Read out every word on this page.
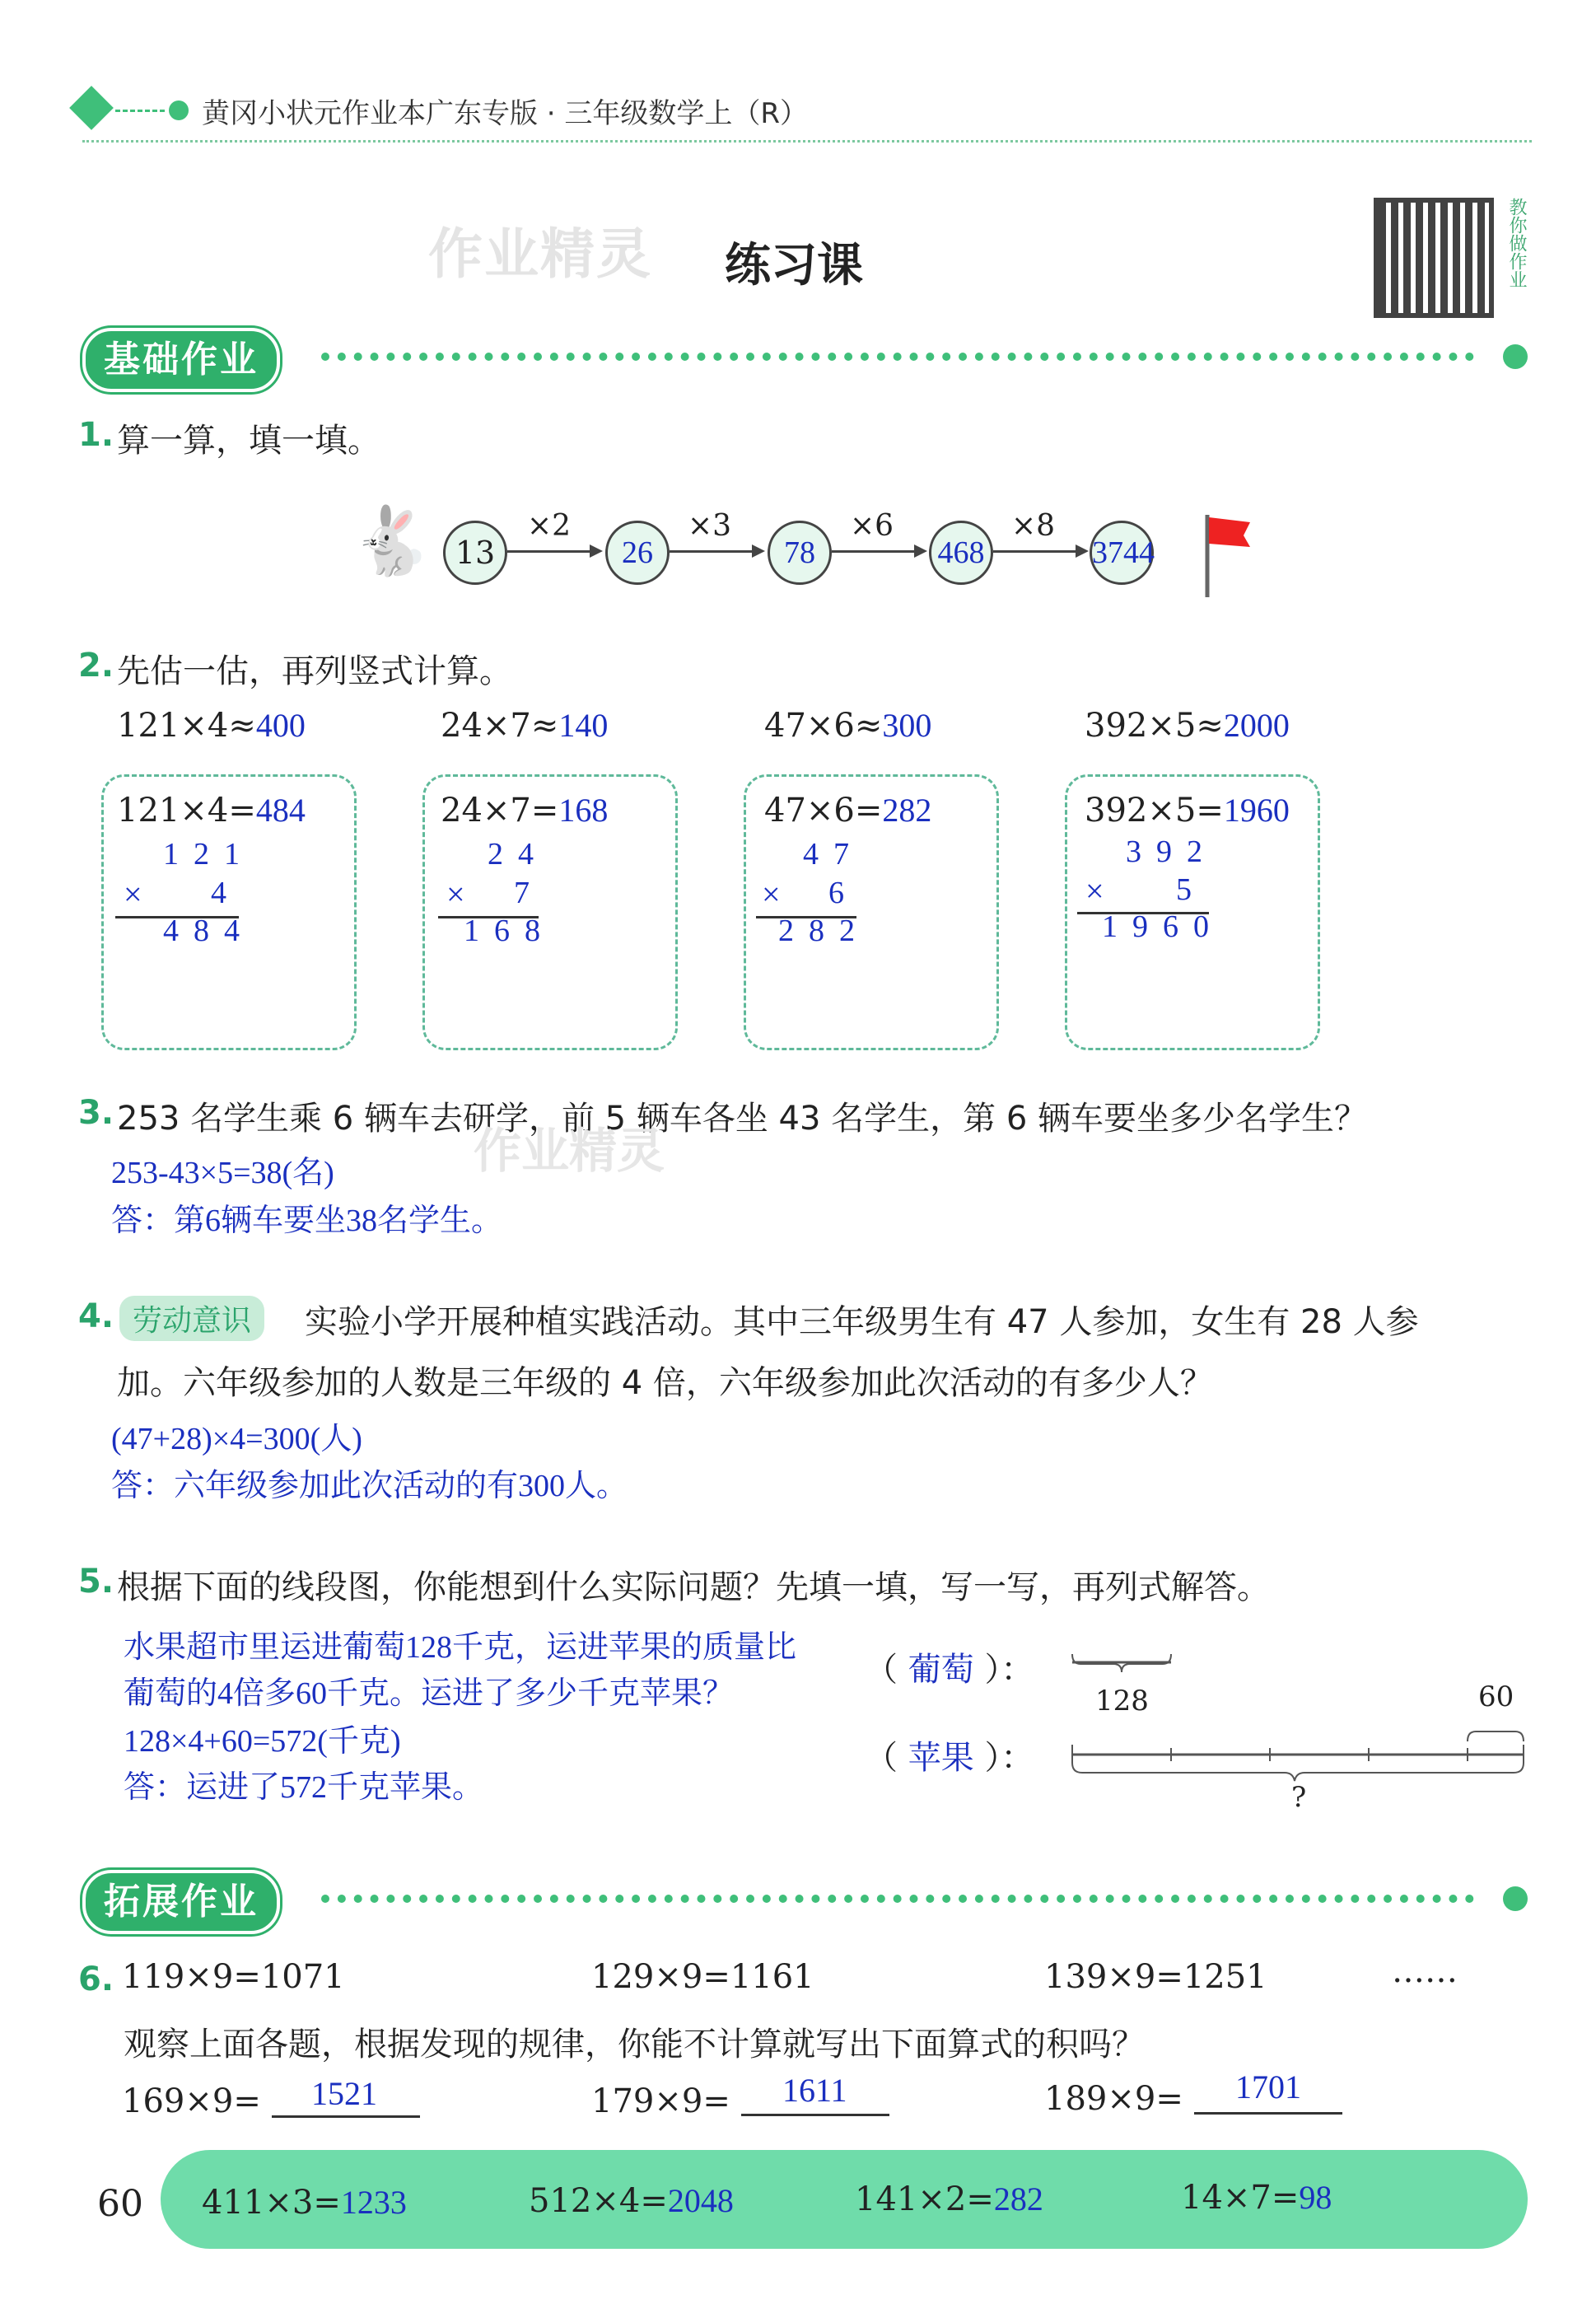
黄冈小状元作业本广东专版 · 三年级数学上（R）
作业精灵 练习课	教你做作业
基础作业
1. 算一算，填一填。
🐇 13	26	78	468	3744
×2	×3	×6	×8
2. 先估一估，再列竖式计算。
121×4≈400	24×7≈140	47×6≈300	392×5≈2000
121×4=484	24×7=168	47×6=282	392×5=1960
121
× 4
484
24
× 7
168
47
× 6
282
392
× 5
1960
3. 253 名学生乘 6 辆车去研学，前 5 辆车各坐 43 名学生，第 6 辆车要坐多少名学生？
作业精灵
253-43×5=38(名)
答：第6辆车要坐38名学生。
4. 劳动意识	实验小学开展种植实践活动。其中三年级男生有 47 人参加，女生有 28 人参
加。六年级参加的人数是三年级的 4 倍，六年级参加此次活动的有多少人？
(47+28)×4=300(人)
答：六年级参加此次活动的有300人。
5. 根据下面的线段图，你能想到什么实际问题？先填一填，写一写，再列式解答。
水果超市里运进葡萄128千克，运进苹果的质量比
葡萄的4倍多60千克。运进了多少千克苹果？
128×4+60=572(千克)
答：运进了572千克苹果。
（ 葡萄 ）：
（ 苹果 ）：
128	60
?
拓展作业
6. 119×9=1071	129×9=1161	139×9=1251	……
观察上面各题，根据发现的规律，你能不计算就写出下面算式的积吗？
169×9= 1521	179×9= 1611	189×9= 1701
60 411×3=1233	512×4=2048	141×2=282	14×7=98
